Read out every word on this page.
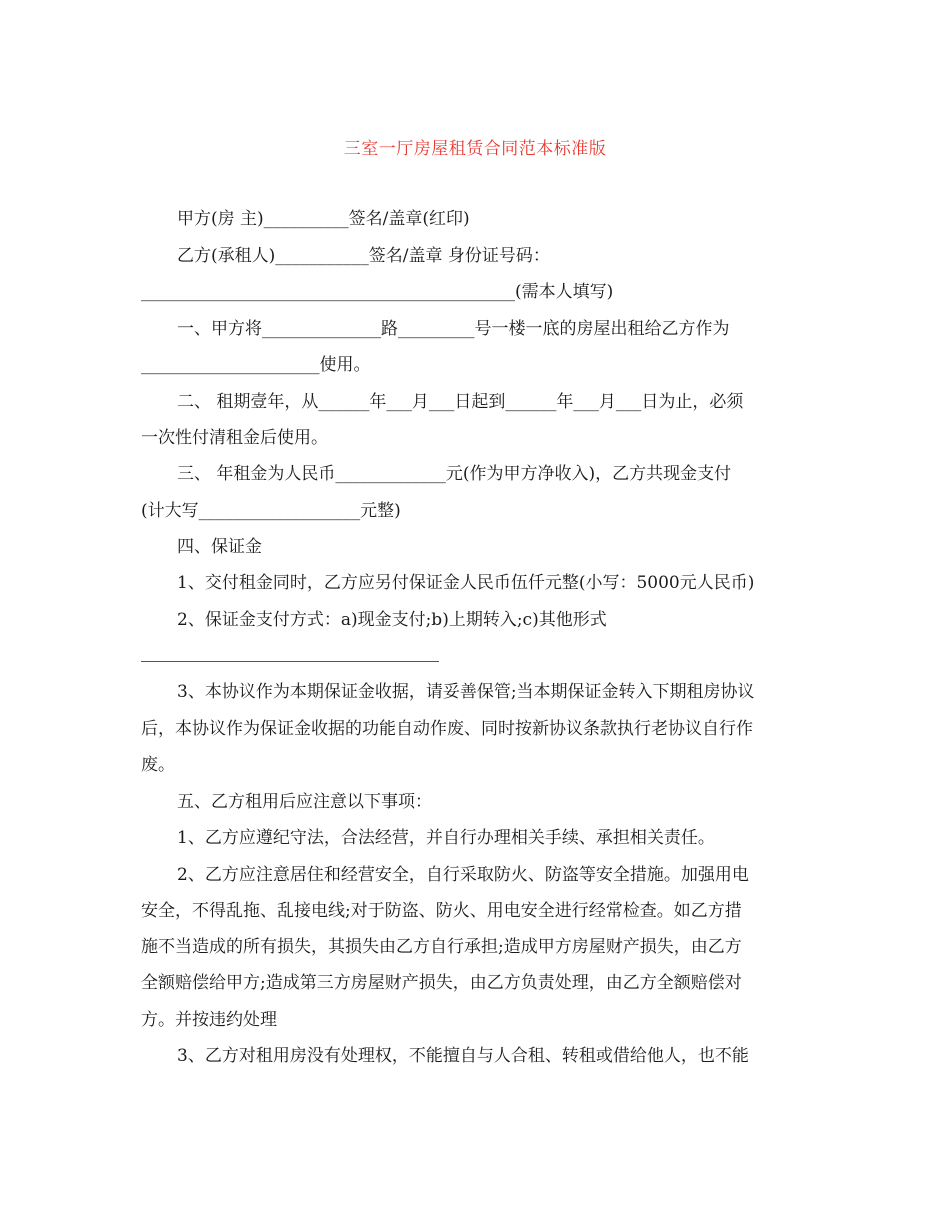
三室一厅房屋租赁合同范本标准版
甲方(房 主)__________签名/盖章(红印)
乙方(承租人)___________签名/盖章 身份证号码：
____________________________________________(需本人填写)
一、甲方将______________路_________号一楼一底的房屋出租给乙方作为
_____________________使用。
二、 租期壹年，从______年___月___日起到______年___月___日为止，必须
一次性付清租金后使用。
三、 年租金为人民币_____________元(作为甲方净收入)，乙方共现金支付
(计大写___________________元整)
四、保证金
1、交付租金同时，乙方应另付保证金人民币伍仟元整(小写：5000元人民币)
2、保证金支付方式：a)现金支付;b)上期转入;c)其他形式
3、本协议作为本期保证金收据，请妥善保管;当本期保证金转入下期租房协议
后，本协议作为保证金收据的功能自动作废、同时按新协议条款执行老协议自行作
废。
五、乙方租用后应注意以下事项：
1、乙方应遵纪守法，合法经营，并自行办理相关手续、承担相关责任。
2、乙方应注意居住和经营安全，自行采取防火、防盗等安全措施。加强用电
安全，不得乱拖、乱接电线;对于防盗、防火、用电安全进行经常检查。如乙方措
施不当造成的所有损失，其损失由乙方自行承担;造成甲方房屋财产损失，由乙方
全额赔偿给甲方;造成第三方房屋财产损失，由乙方负责处理，由乙方全额赔偿对
方。并按违约处理
3、乙方对租用房没有处理权，不能擅自与人合租、转租或借给他人，也不能
